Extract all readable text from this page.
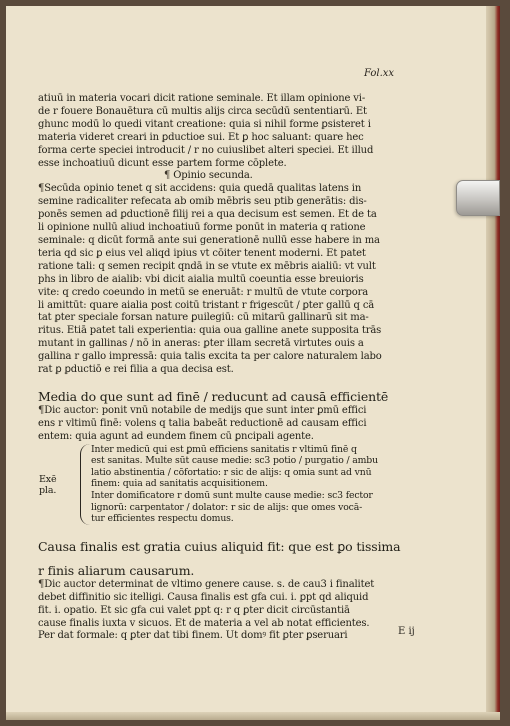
Fol.xx
atiuū in materia vocari dicit ratione seminale. Et illam opinione vi-
de r fouere Bonauētura cū multis alijs circa secūdū sententiarū. Et
ghunc modū lo quedi vitant creatione: quia si nihil forme ꝑsisteret i
materia videret creari in ꝑductioe sui. Et ꝑ hoc saluant: quare hec
forma certe speciei introducit / r no cuiuslibet alteri speciei. Et illud
esse inchoatiuū dicunt esse partem forme cōplete.
¶ Opinio secunda.
¶Secūda opinio tenet q sit accidens: quia quedā qualitas latens in
semine radicaliter refecata ab omib mēbris seu ptib generātis: dis-
ponēs semen ad ꝑductionē filij rei a qua decisum est semen. Et de ta
li opinione nullū aliud inchoatiuū forme ponūt in materia q ratione
seminale: q dicūt formā ante sui generationē nullū esse habere in ma
teria qd sic ꝑ eius vel aliqd ipius vt cōiter tenent moderni. Et patet
ratione tali: q semen recipit qndā in se vtute ex mēbris aialiū: vt vult
phs in libro de aialib: vbi dicit aialia multū coeuntia esse breuioris
vite: q credo coeundo in metū se eneruāt: r multū de vtute corpora
li amittūt: quare aialia post coitū tristant r frigescūt / ꝑter gallū q cā
tat ꝑter speciale forsan nature ꝑuilegiū: cū mitarū gallinarū sit ma-
ritus. Etiā patet tali experientia: quia oua galline anete supposita trās
mutant in gallinas / nō in aneras: ꝑter illam secretā virtutes ouis a
gallina r gallo impressā: quia talis excita ta per calore naturalem labo
rat ꝑ ꝑductiō e rei filia a qua decisa est.
Media do que sunt ad finē / reducunt ad causā efficientē
¶Dic auctor: ponit vnū notabile de medijs que sunt inter ꝑmū effici
ens r vltimū finē: volens q talia babeāt reductionē ad causam effici
entem: quia agunt ad eundem finem cū ꝑncipali agente.
Exē
pla.
Inter medicū qui est ꝑmū efficiens sanitatis r vltimū finē q
est sanitas. Multe sūt cause medie: sc3 potio / purgatio / ambu
latio abstinentia / cōfortatio: r sic de alijs: q omia sunt ad vnū
finem: quia ad sanitatis acquisitionem.
Inter domificatore r domū sunt multe cause medie: sc3 fector
lignorū: carpentator / dolator: r sic de alijs: que omes vocā-
tur efficientes respectu domus.
Causa finalis est gratia cuius aliquid fit: que est ꝑo tissima
r finis aliarum causarum.
¶Dic auctor determinat de vltimo genere cause. s. de cau3 i finalitet
debet diffinitio sic itelligi. Causa finalis est gfa cui. i. ꝑpt qd aliquid
fit. i. opatio. Et sic gfa cui valet ꝑpt q: r q ꝑter dicit circūstantiā
cause finalis iuxta v sicuos. Et de materia a vel ab notat efficientes.
Per dat formale: q ꝑter dat tibi finem. Ut domꝰ fit ꝑter ꝑseruari	E ij
